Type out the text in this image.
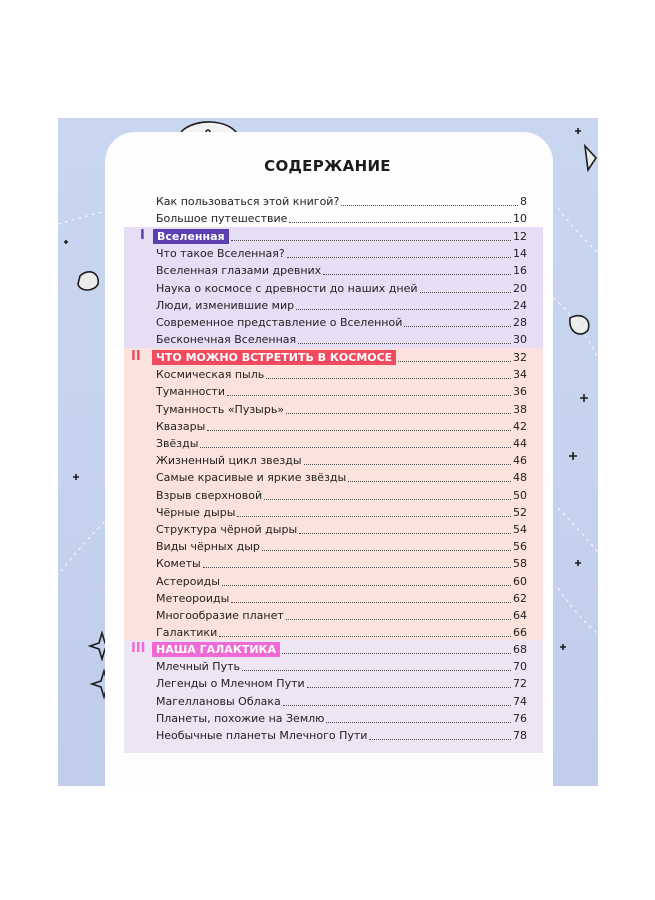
СОДЕРЖАНИЕ
Как пользоваться этой книгой?	8
Большое путешествие	10
I	Вселенная	12
Что такое Вселенная?	14
Вселенная глазами древних	16
Наука о космосе с древности до наших дней	20
Люди, изменившие мир	24
Современное представление о Вселенной	28
Бесконечная Вселенная	30
II	ЧТО МОЖНО ВСТРЕТИТЬ В КОСМОСЕ	32
Космическая пыль	34
Туманности	36
Туманность «Пузырь»	38
Квазары	42
Звёзды	44
Жизненный цикл звезды	46
Самые красивые и яркие звёзды	48
Взрыв сверхновой	50
Чёрные дыры	52
Структура чёрной дыры	54
Виды чёрных дыр	56
Кометы	58
Астероиды	60
Метеороиды	62
Многообразие планет	64
Галактики	66
III НАША ГАЛАКТИКА	68
Млечный Путь	70
Легенды о Млечном Пути	72
Магеллановы Облака	74
Планеты, похожие на Землю	76
Необычные планеты Млечного Пути	78
